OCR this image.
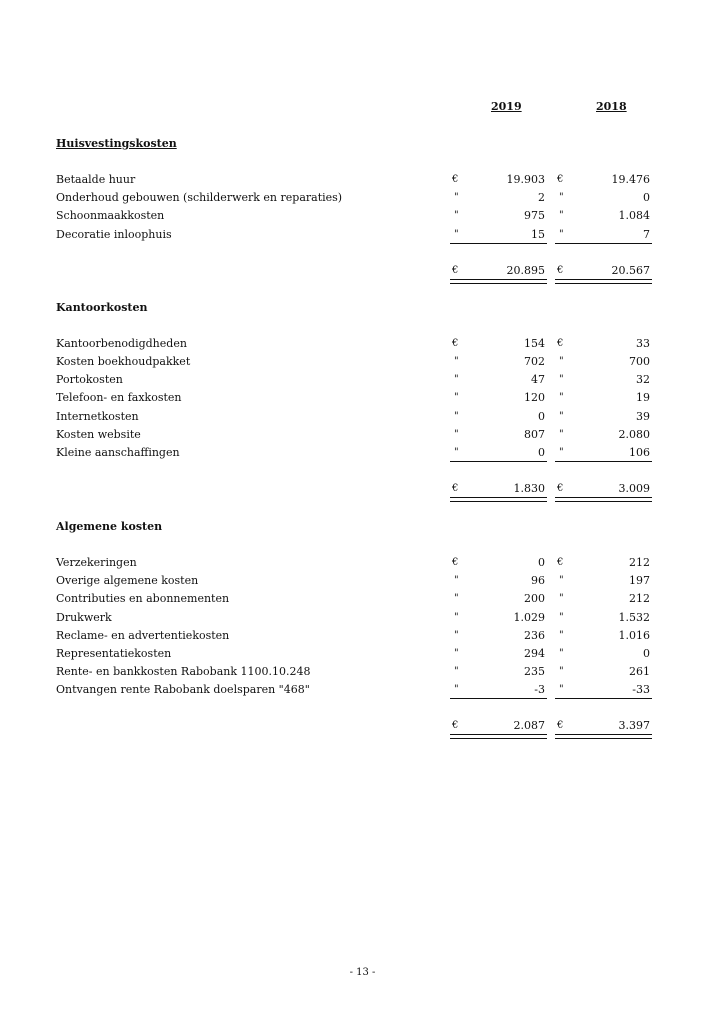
2019	2018
Huisvestingskosten
Betaalde huur	€	19.903 €	19.476
Onderhoud gebouwen (schilderwerk en reparaties)	"	2 "	0
Schoonmaakkosten	"	975 "	1.084
Decoratie inloophuis	"	15 "	7
€	20.895 €	20.567
Kantoorkosten
Kantoorbenodigdheden	€	154 €	33
Kosten boekhoudpakket	"	702 "	700
Portokosten	"	47 "	32
Telefoon- en faxkosten	"	120 "	19
Internetkosten	"	0 "	39
Kosten website	"	807 "	2.080
Kleine aanschaffingen	"	0 "	106
€	1.830 €	3.009
Algemene kosten
Verzekeringen	€	0 €	212
Overige algemene kosten	"	96 "	197
Contributies en abonnementen	"	200 "	212
Drukwerk	"	1.029 "	1.532
Reclame- en advertentiekosten	"	236 "	1.016
Representatiekosten	"	294 "	0
Rente- en bankkosten Rabobank 1100.10.248	"	235 "	261
Ontvangen rente Rabobank doelsparen "468"	"	-3 "	-33
€	2.087 €	3.397
- 13 -
